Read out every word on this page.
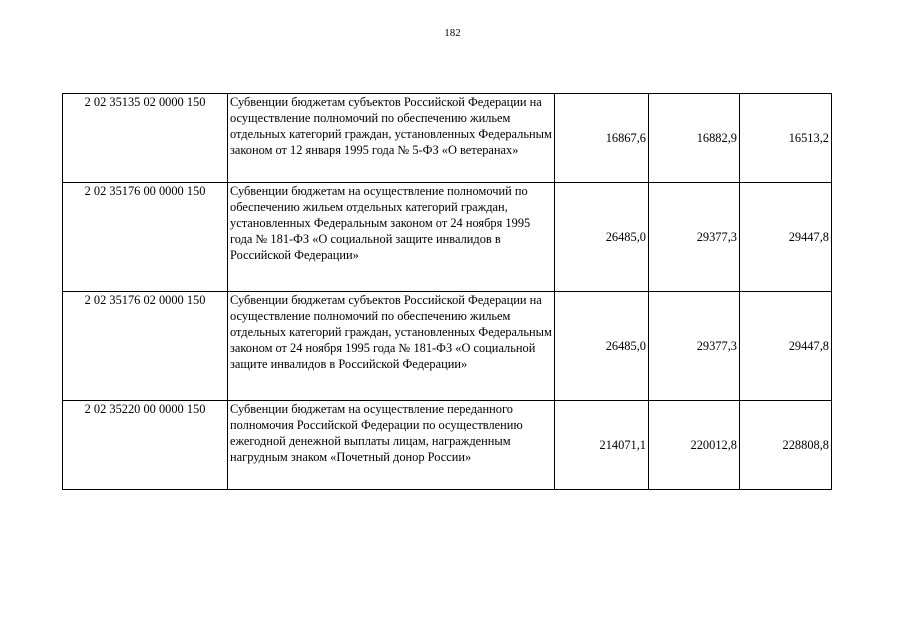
182
2 02 35135 02 0000 150	Субвенции бюджетам субъектов Российской Федерации на осуществление полномочий по обеспечению жильем отдельных категорий граждан, установленных Федеральным законом от 12 января 1995 года № 5-ФЗ «О ветеранах»	16867,6	16882,9	16513,2
2 02 35176 00 0000 150	Субвенции бюджетам на осуществление полномочий по обеспечению жильем отдельных категорий граждан, установленных Федеральным законом от 24 ноября 1995 года № 181-ФЗ «О социальной защите инвалидов в Российской Федерации»	26485,0	29377,3	29447,8
2 02 35176 02 0000 150	Субвенции бюджетам субъектов Российской Федерации на осуществление полномочий по обеспечению жильем отдельных категорий граждан, установленных Федеральным законом от 24 ноября 1995 года № 181-ФЗ «О социальной защите инвалидов в Российской Федерации»	26485,0	29377,3	29447,8
2 02 35220 00 0000 150	Субвенции бюджетам на осуществление переданного полномочия Российской Федерации по осуществлению ежегодной денежной выплаты лицам, награжденным нагрудным знаком «Почетный донор России»	214071,1	220012,8	228808,8
